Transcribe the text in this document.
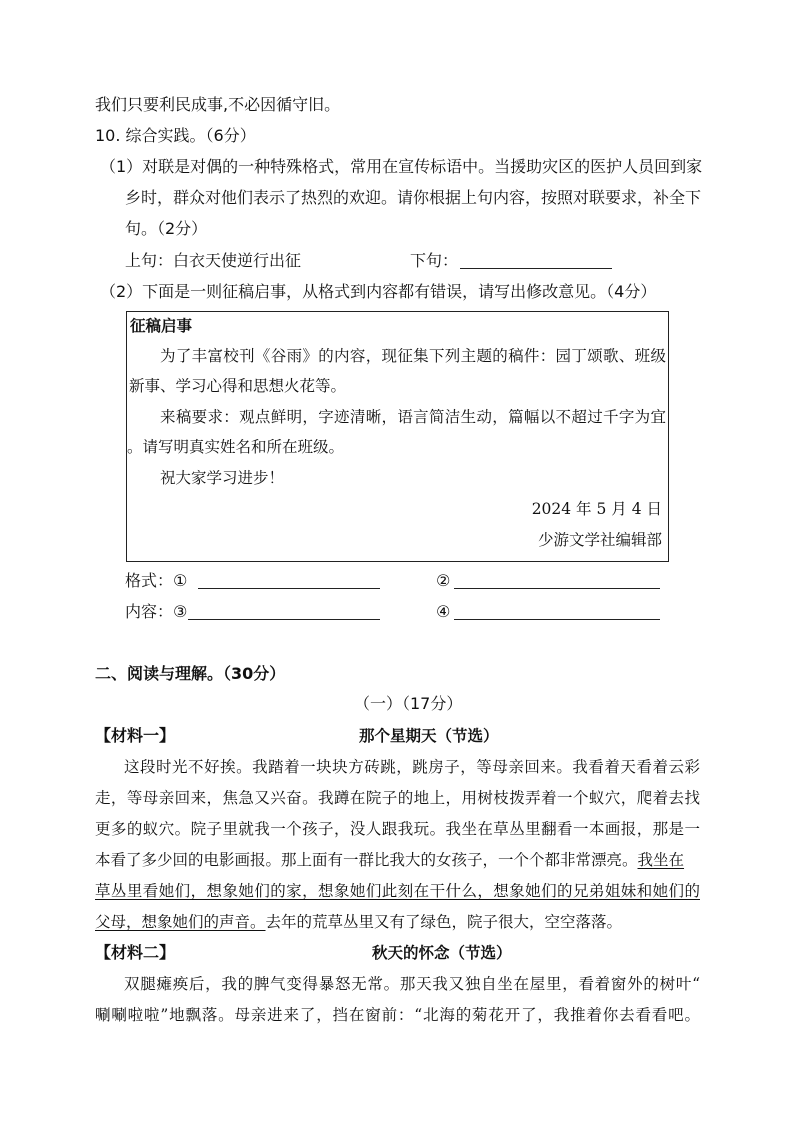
我们只要利民成事,不必因循守旧。
10. 综合实践。（6分）
（1）对联是对偶的一种特殊格式，常用在宣传标语中。当援助灾区的医护人员回到家
乡时，群众对他们表示了热烈的欢迎。请你根据上句内容，按照对联要求，补全下
句。（2分）
上句：白衣天使逆行出征	下句：
（2）下面是一则征稿启事，从格式到内容都有错误，请写出修改意见。（4分）
征稿启事
为了丰富校刊《谷雨》的内容，现征集下列主题的稿件：园丁颂歌、班级
新事、学习心得和思想火花等。
来稿要求：观点鲜明，字迹清晰，语言简洁生动，篇幅以不超过千字为宜
。请写明真实姓名和所在班级。
祝大家学习进步！
2024 年 5 月 4 日
少游文学社编辑部
格式：①	②
内容：③	④
二、阅读与理解。（30分）
（一）（17分）
【材料一】	那个星期天（节选）
这段时光不好挨。我踏着一块块方砖跳，跳房子，等母亲回来。我看着天看着云彩
走，等母亲回来，焦急又兴奋。我蹲在院子的地上，用树枝拨弄着一个蚁穴，爬着去找
更多的蚁穴。院子里就我一个孩子，没人跟我玩。我坐在草丛里翻看一本画报，那是一
本看了多少回的电影画报。那上面有一群比我大的女孩子，一个个都非常漂亮。我坐在
草丛里看她们，想象她们的家，想象她们此刻在干什么，想象她们的兄弟姐妹和她们的
父母，想象她们的声音。去年的荒草丛里又有了绿色，院子很大，空空落落。
【材料二】	秋天的怀念（节选）
双腿瘫痪后，我的脾气变得暴怒无常。那天我又独自坐在屋里，看着窗外的树叶“
唰唰啦啦”地飘落。母亲进来了，挡在窗前：“北海的菊花开了，我推着你去看看吧。
